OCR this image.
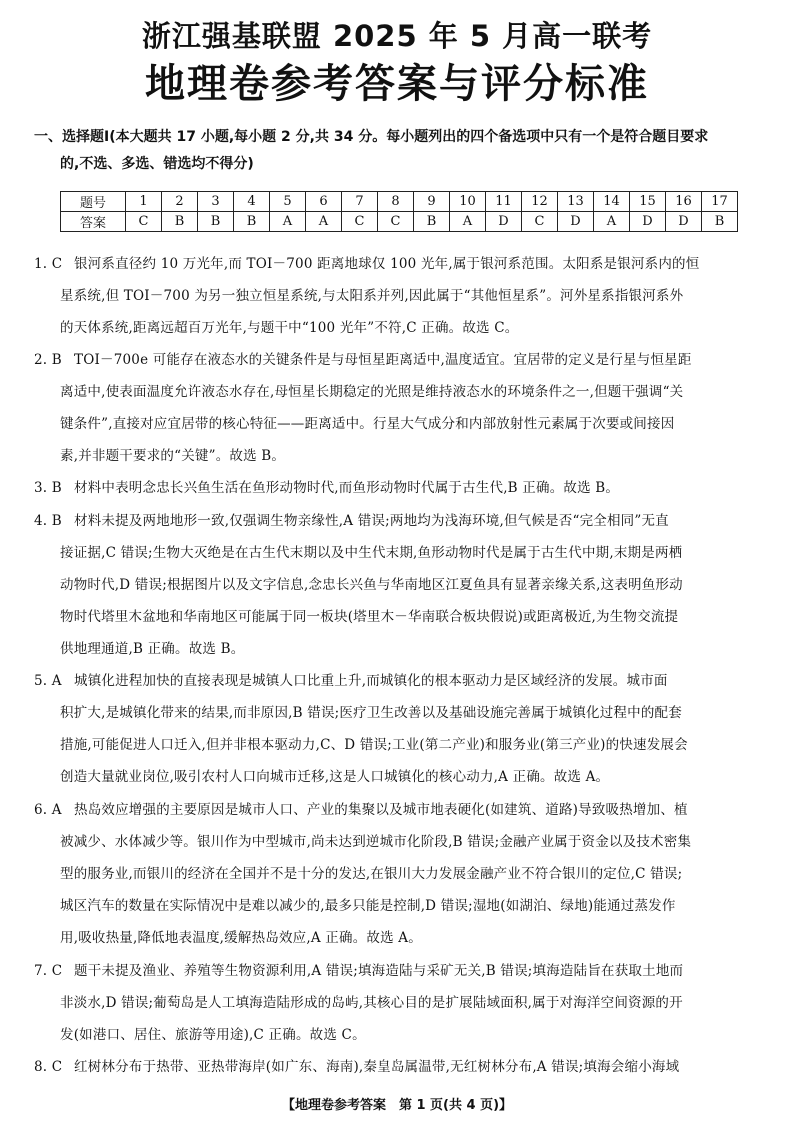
浙江强基联盟 2025 年 5 月高一联考
地理卷参考答案与评分标准
一、选择题Ⅰ(本大题共 17 小题,每小题 2 分,共 34 分。每小题列出的四个备选项中只有一个是符合题目要求
的,不选、多选、错选均不得分)
题号	1	2	3	4	5	6	7	8	9	10	11	12	13	14	15	16	17
答案	C	B	B	B	A	A	C	C	B	A	D	C	D	A	D	D	B
1. C 银河系直径约 10 万光年,而 TOI－700 距离地球仅 100 光年,属于银河系范围。太阳系是银河系内的恒
星系统,但 TOI－700 为另一独立恒星系统,与太阳系并列,因此属于“其他恒星系”。河外星系指银河系外
的天体系统,距离远超百万光年,与题干中“100 光年”不符,C 正确。故选 C。
2. B TOI－700e 可能存在液态水的关键条件是与母恒星距离适中,温度适宜。宜居带的定义是行星与恒星距
离适中,使表面温度允许液态水存在,母恒星长期稳定的光照是维持液态水的环境条件之一,但题干强调“关
键条件”,直接对应宜居带的核心特征——距离适中。行星大气成分和内部放射性元素属于次要或间接因
素,并非题干要求的“关键”。故选 B。
3. B 材料中表明念忠长兴鱼生活在鱼形动物时代,而鱼形动物时代属于古生代,B 正确。故选 B。
4. B 材料未提及两地地形一致,仅强调生物亲缘性,A 错误;两地均为浅海环境,但气候是否“完全相同”无直
接证据,C 错误;生物大灭绝是在古生代末期以及中生代末期,鱼形动物时代是属于古生代中期,末期是两栖
动物时代,D 错误;根据图片以及文字信息,念忠长兴鱼与华南地区江夏鱼具有显著亲缘关系,这表明鱼形动
物时代塔里木盆地和华南地区可能属于同一板块(塔里木－华南联合板块假说)或距离极近,为生物交流提
供地理通道,B 正确。故选 B。
5. A 城镇化进程加快的直接表现是城镇人口比重上升,而城镇化的根本驱动力是区域经济的发展。城市面
积扩大,是城镇化带来的结果,而非原因,B 错误;医疗卫生改善以及基础设施完善属于城镇化过程中的配套
措施,可能促进人口迁入,但并非根本驱动力,C、D 错误;工业(第二产业)和服务业(第三产业)的快速发展会
创造大量就业岗位,吸引农村人口向城市迁移,这是人口城镇化的核心动力,A 正确。故选 A。
6. A 热岛效应增强的主要原因是城市人口、产业的集聚以及城市地表硬化(如建筑、道路)导致吸热增加、植
被减少、水体减少等。银川作为中型城市,尚未达到逆城市化阶段,B 错误;金融产业属于资金以及技术密集
型的服务业,而银川的经济在全国并不是十分的发达,在银川大力发展金融产业不符合银川的定位,C 错误;
城区汽车的数量在实际情况中是难以减少的,最多只能是控制,D 错误;湿地(如湖泊、绿地)能通过蒸发作
用,吸收热量,降低地表温度,缓解热岛效应,A 正确。故选 A。
7. C 题干未提及渔业、养殖等生物资源利用,A 错误;填海造陆与采矿无关,B 错误;填海造陆旨在获取土地而
非淡水,D 错误;葡萄岛是人工填海造陆形成的岛屿,其核心目的是扩展陆域面积,属于对海洋空间资源的开
发(如港口、居住、旅游等用途),C 正确。故选 C。
8. C 红树林分布于热带、亚热带海岸(如广东、海南),秦皇岛属温带,无红树林分布,A 错误;填海会缩小海域
【地理卷参考答案　第 1 页(共 4 页)】
